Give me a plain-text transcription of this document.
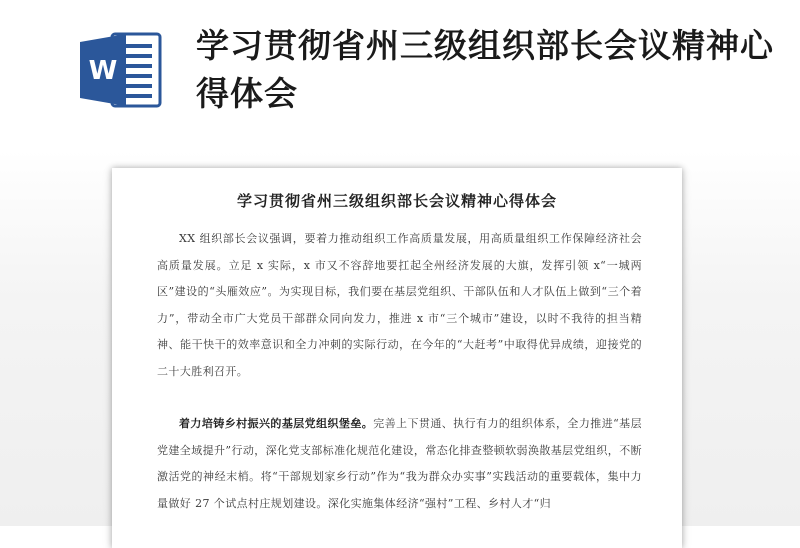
W
学习贯彻省州三级组织部长会议精神心得体会
学习贯彻省州三级组织部长会议精神心得体会

XX 组织部长会议强调，要着力推动组织工作高质量发展，用高质量组织工作保障经济社会高质量发展。立足 x 实际，x 市又不容辞地要扛起全州经济发展的大旗，发挥引领 x“一城两区”建设的“头雁效应”。为实现目标，我们要在基层党组织、干部队伍和人才队伍上做到“三个着力”，带动全市广大党员干部群众同向发力，推进 x 市“三个城市”建设，以时不我待的担当精神、能干快干的效率意识和全力冲刺的实际行动，在今年的“大赶考”中取得优异成绩，迎接党的二十大胜利召开。

着力培铸乡村振兴的基层党组织堡垒。完善上下贯通、执行有力的组织体系，全力推进“基层党建全域提升”行动，深化党支部标准化规范化建设，常态化排查整顿软弱涣散基层党组织，不断激活党的神经末梢。将“干部规划家乡行动”作为“我为群众办实事”实践活动的重要载体，集中力量做好 27 个试点村庄规划建设。深化实施集体经济“强村”工程、乡村人才“归
